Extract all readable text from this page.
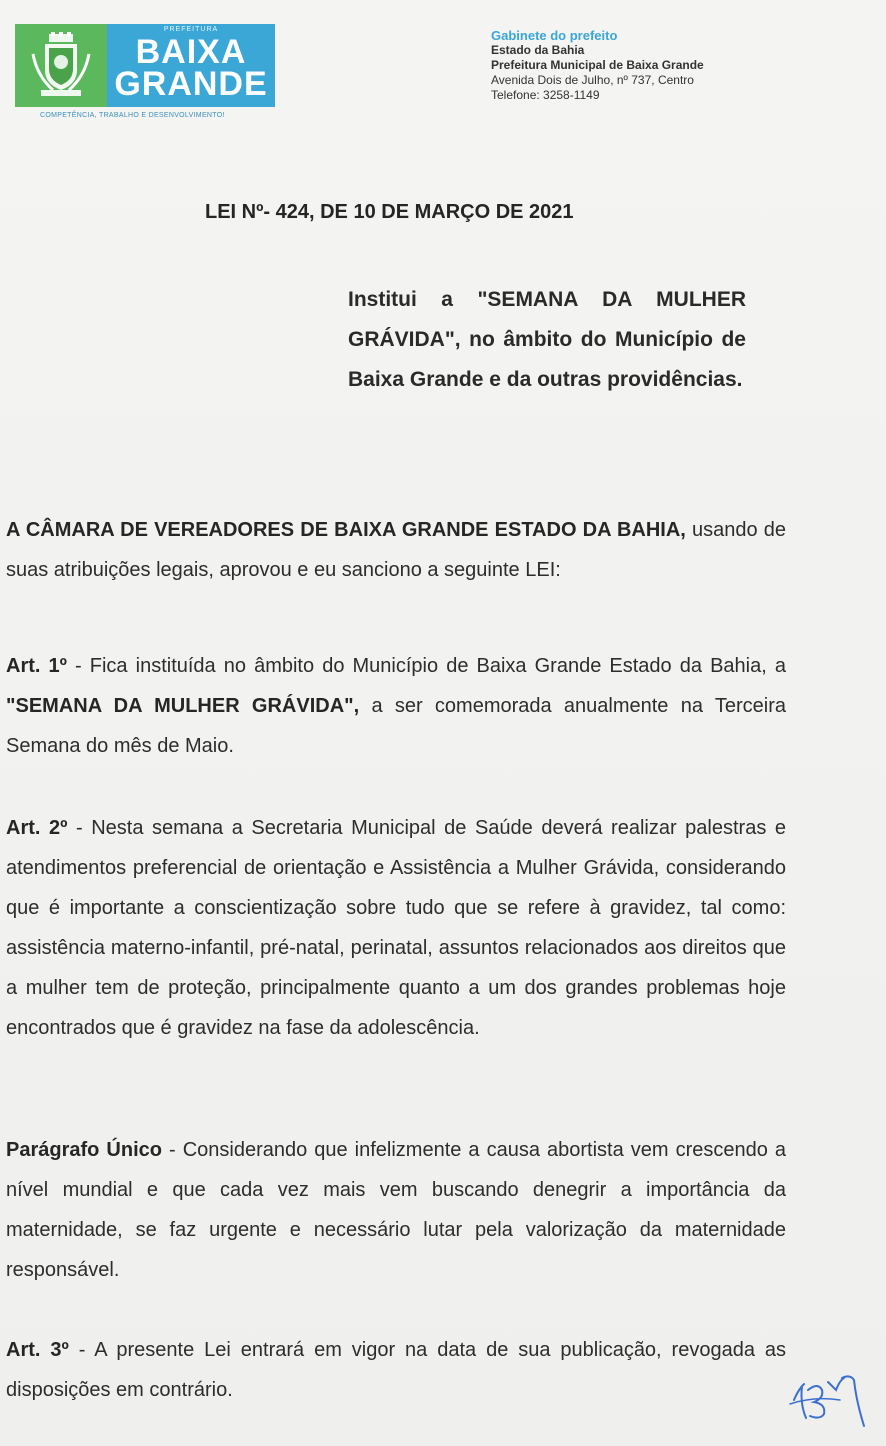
PREFEITURA
BAIXA
GRANDE
COMPETÊNCIA, TRABALHO E DESENVOLVIMENTO!
Gabinete do prefeito
Estado da Bahia
Prefeitura Municipal de Baixa Grande
Avenida Dois de Julho, nº 737, Centro
Telefone: 3258-1149
LEI Nº- 424, DE 10 DE MARÇO DE 2021
Institui a "SEMANA DA MULHER GRÁVIDA", no âmbito do Município de Baixa Grande e da outras providências.
A CÂMARA DE VEREADORES DE BAIXA GRANDE ESTADO DA BAHIA, usando de suas atribuições legais, aprovou e eu sanciono a seguinte LEI:
Art. 1º - Fica instituída no âmbito do Município de Baixa Grande Estado da Bahia, a "SEMANA DA MULHER GRÁVIDA", a ser comemorada anualmente na Terceira Semana do mês de Maio.
Art. 2º - Nesta semana a Secretaria Municipal de Saúde deverá realizar palestras e atendimentos preferencial de orientação e Assistência a Mulher Grávida, considerando que é importante a conscientização sobre tudo que se refere à gravidez, tal como: assistência materno-infantil, pré-natal, perinatal, assuntos relacionados aos direitos que a mulher tem de proteção, principalmente quanto a um dos grandes problemas hoje encontrados que é gravidez na fase da adolescência.
Parágrafo Único - Considerando que infelizmente a causa abortista vem crescendo a nível mundial e que cada vez mais vem buscando denegrir a importância da maternidade, se faz urgente e necessário lutar pela valorização da maternidade responsável.
Art. 3º - A presente Lei entrará em vigor na data de sua publicação, revogada as disposições em contrário.
